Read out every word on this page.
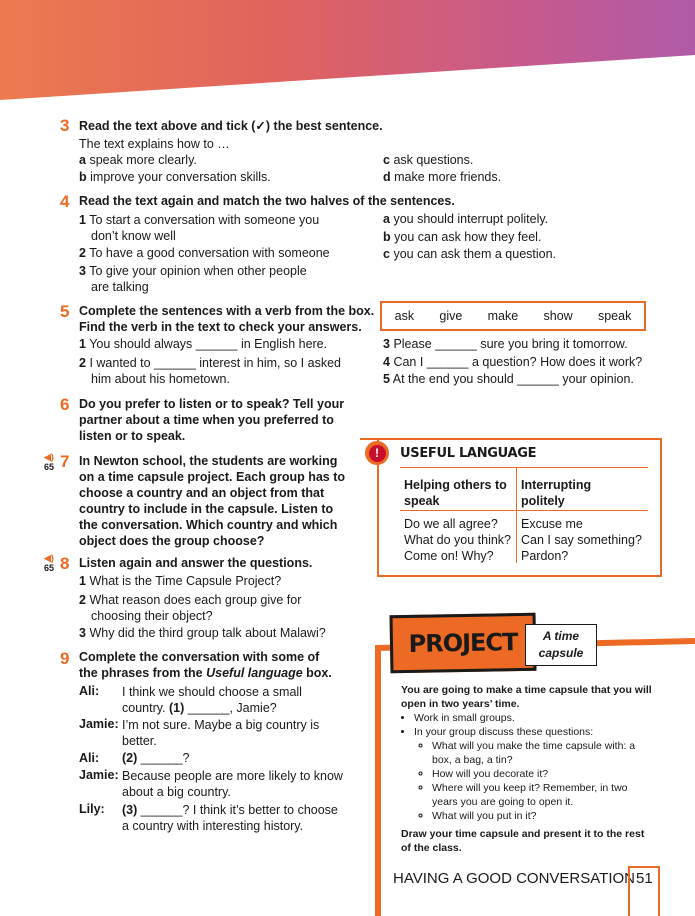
3 Read the text above and tick (✓) the best sentence.
The text explains how to …
a speak more clearly.
b improve your conversation skills.
c ask questions.
d make more friends.
4 Read the text again and match the two halves of the sentences.
1 To start a conversation with someone you
don’t know well
2 To have a good conversation with someone
3 To give your opinion when other people
are talking
a you should interrupt politely.
b you can ask how they feel.
c you can ask them a question.
5 Complete the sentences with a verb from the box.
Find the verb in the text to check your answers.
ask give make show speak
1 You should always ______ in English here.
2 I wanted to ______ interest in him, so I asked
him about his hometown.
3 Please ______ sure you bring it tomorrow.
4 Can I ______ a question? How does it work?
5 At the end you should ______ your opinion.
6 Do you prefer to listen or to speak? Tell your
partner about a time when you preferred to
listen or to speak.
◀)
65 7 In Newton school, the students are working
on a time capsule project. Each group has to
choose a country and an object from that
country to include in the capsule. Listen to
the conversation. Which country and which
object does the group choose?
◀)
65 8 Listen again and answer the questions.
1 What is the Time Capsule Project?
2 What reason does each group give for
choosing their object?
3 Why did the third group talk about Malawi?
9 Complete the conversation with some of
the phrases from the Useful language box.
Ali: I think we should choose a small
country. (1) ______, Jamie?
Jamie: I’m not sure. Maybe a big country is
better.
Ali: (2) ______?
Jamie: Because people are more likely to know
about a big country.
Lily: (3) ______? I think it’s better to choose
a country with interesting history.
!	USEFUL LANGUAGE
Helping others to
speak
Interrupting
politely
Do we all agree?
What do you think?
Come on! Why?
Excuse me
Can I say something?
Pardon?
PROJECT	A time
capsule
You are going to make a time capsule that you will
open in two years’ time.
• Work in small groups.
• In your group discuss these questions:
◦ What will you make the time capsule with: a
box, a bag, a tin?
◦ How will you decorate it?
◦ Where will you keep it? Remember, in two
years you are going to open it.
◦ What will you put in it?
Draw your time capsule and present it to the rest
of the class.
HAVING A GOOD CONVERSATION 51
